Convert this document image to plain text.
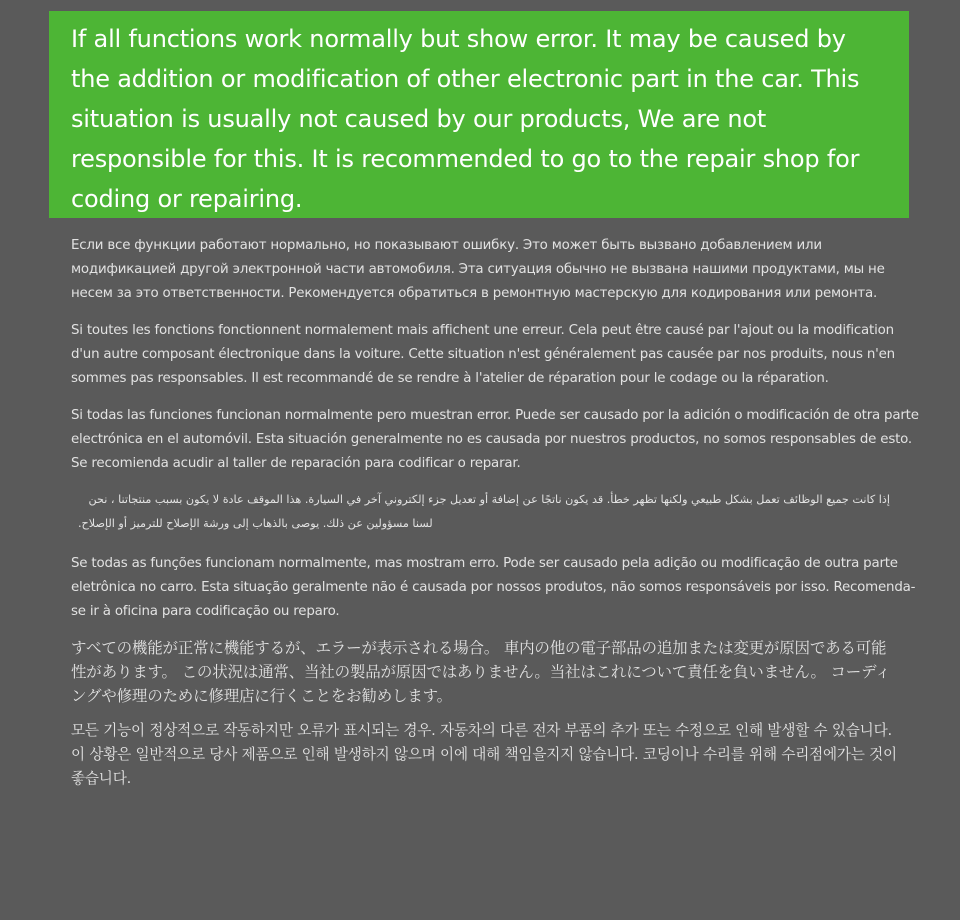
If all functions work normally but show error. It may be caused by the addition or modification of other electronic part in the car. This situation is usually not caused by our products, We are not responsible for this. It is recommended to go to the repair shop for coding or repairing.

Если все функции работают нормально, но показывают ошибку. Это может быть вызвано добавлением или модификацией другой электронной части автомобиля. Эта ситуация обычно не вызвана нашими продуктами, мы не несем за это ответственности. Рекомендуется обратиться в ремонтную мастерскую для кодирования или ремонта.

Si toutes les fonctions fonctionnent normalement mais affichent une erreur. Cela peut être causé par l'ajout ou la modification d'un autre composant électronique dans la voiture. Cette situation n'est généralement pas causée par nos produits, nous n'en sommes pas responsables. Il est recommandé de se rendre à l'atelier de réparation pour le codage ou la réparation.

Si todas las funciones funcionan normalmente pero muestran error. Puede ser causado por la adición o modificación de otra parte electrónica en el automóvil. Esta situación generalmente no es causada por nuestros productos, no somos responsables de esto. Se recomienda acudir al taller de reparación para codificar o reparar.

إذا كانت جميع الوظائف تعمل بشكل طبيعي ولكنها تظهر خطأ. قد يكون ناتجًا عن إضافة أو تعديل جزء إلكتروني آخر في السيارة. هذا الموقف عادة لا يكون بسبب منتجاتنا ، نحن لسنا مسؤولين عن ذلك. يوصى بالذهاب إلى ورشة الإصلاح للترميز أو الإصلاح.

Se todas as funções funcionam normalmente, mas mostram erro. Pode ser causado pela adição ou modificação de outra parte eletrônica no carro. Esta situação geralmente não é causada por nossos produtos, não somos responsáveis por isso. Recomenda-se ir à oficina para codificação ou reparo.

すべての機能が正常に機能するが、エラーが表示される場合。 車内の他の電子部品の追加または変更が原因である可能性があります。 この状況は通常、当社の製品が原因ではありません。当社はこれについて責任を負いません。 コーディングや修理のために修理店に行くことをお勧めします。

모든 기능이 정상적으로 작동하지만 오류가 표시되는 경우. 자동차의 다른 전자 부품의 추가 또는 수정으로 인해 발생할 수 있습니다. 이 상황은 일반적으로 당사 제품으로 인해 발생하지 않으며 이에 대해 책임을지지 않습니다. 코딩이나 수리를 위해 수리점에가는 것이 좋습니다.
